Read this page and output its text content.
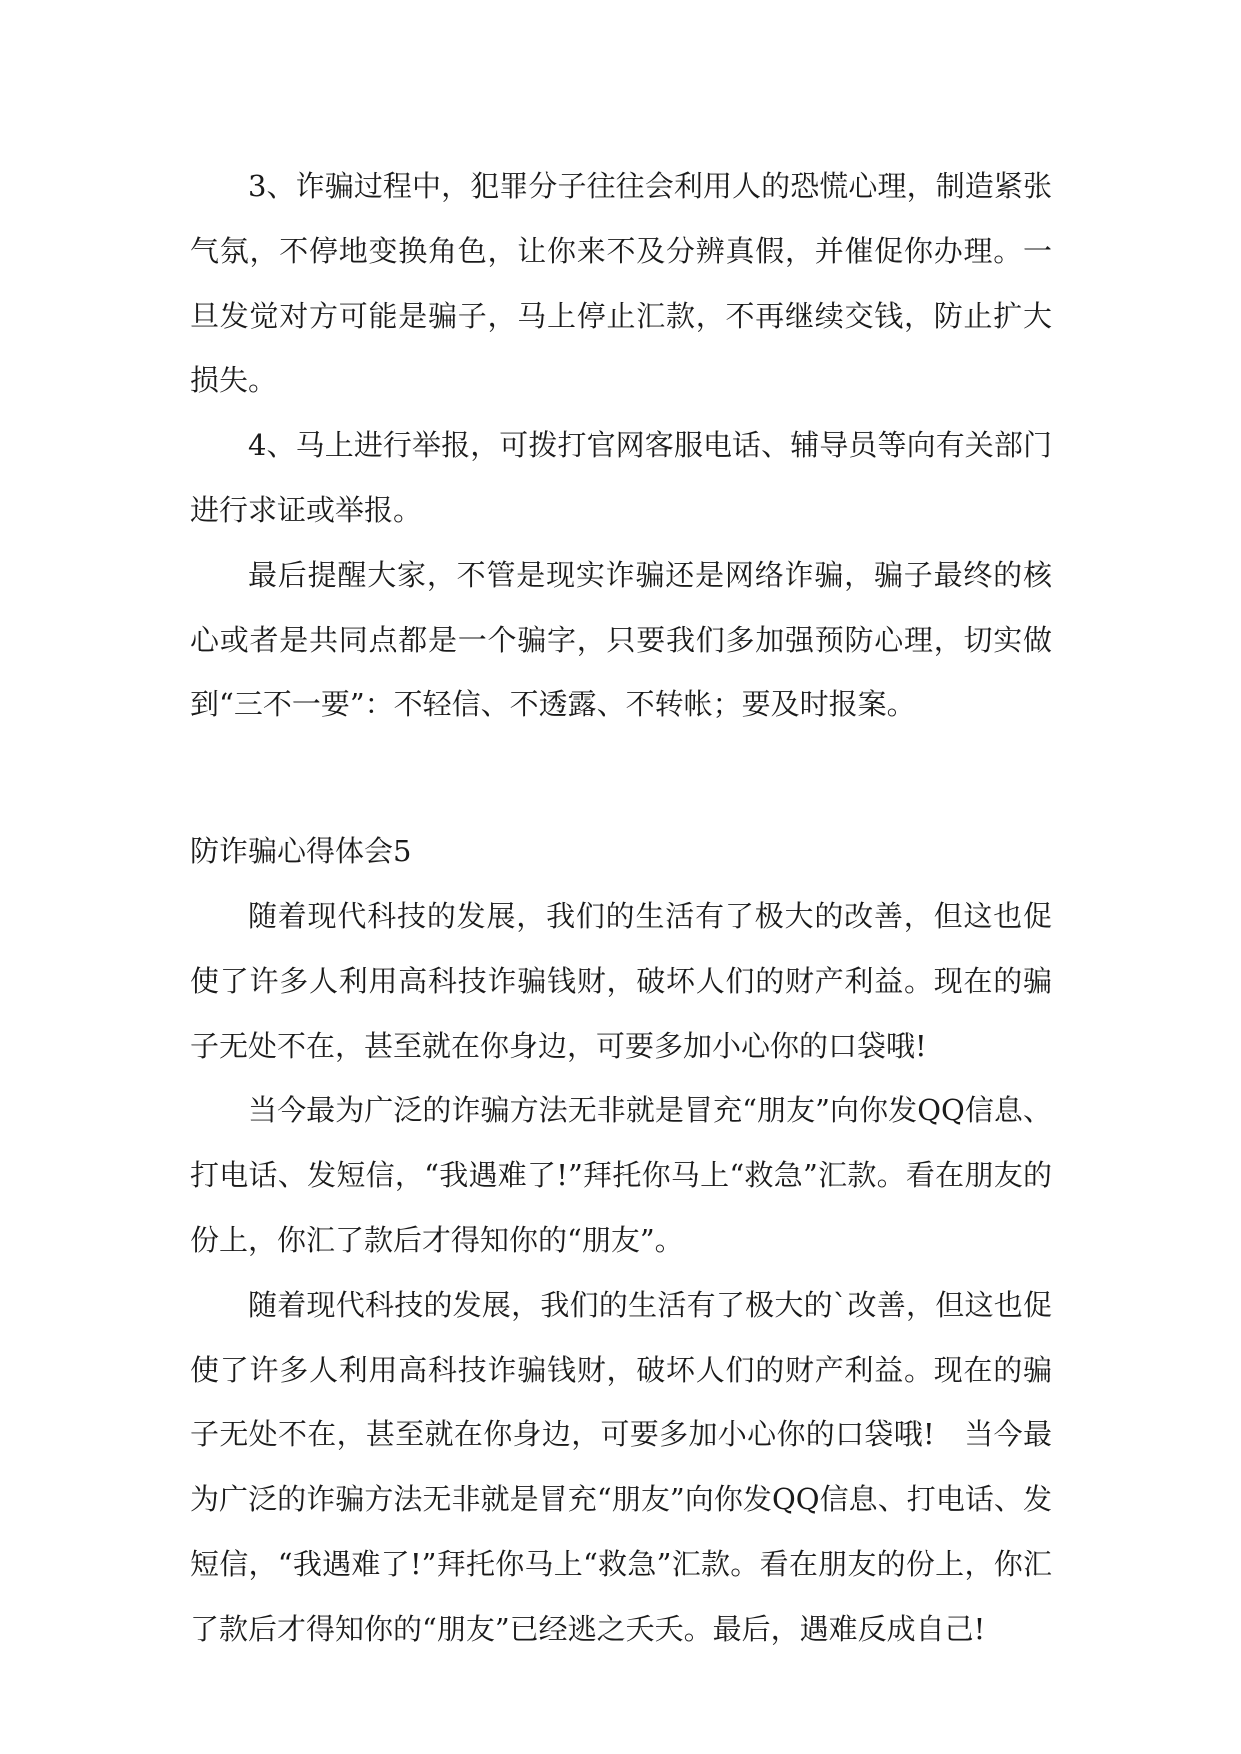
3、诈骗过程中，犯罪分子往往会利用人的恐慌心理，制造紧张气氛，不停地变换角色，让你来不及分辨真假，并催促你办理。一旦发觉对方可能是骗子，马上停止汇款，不再继续交钱，防止扩大损失。

4、马上进行举报，可拨打官网客服电话、辅导员等向有关部门进行求证或举报。

最后提醒大家，不管是现实诈骗还是网络诈骗，骗子最终的核心或者是共同点都是一个骗字，只要我们多加强预防心理，切实做到“三不一要”：不轻信、不透露、不转帐；要及时报案。

防诈骗心得体会5

随着现代科技的发展，我们的生活有了极大的改善，但这也促使了许多人利用高科技诈骗钱财，破坏人们的财产利益。现在的骗子无处不在，甚至就在你身边，可要多加小心你的口袋哦!

当今最为广泛的诈骗方法无非就是冒充“朋友”向你发QQ信息、打电话、发短信，“我遇难了!”拜托你马上“救急”汇款。看在朋友的份上，你汇了款后才得知你的“朋友”。

随着现代科技的发展，我们的生活有了极大的`改善，但这也促使了许多人利用高科技诈骗钱财，破坏人们的财产利益。现在的骗子无处不在，甚至就在你身边，可要多加小心你的口袋哦!　当今最为广泛的诈骗方法无非就是冒充“朋友”向你发QQ信息、打电话、发短信，“我遇难了!”拜托你马上“救急”汇款。看在朋友的份上，你汇了款后才得知你的“朋友”已经逃之夭夭。最后，遇难反成自己!
